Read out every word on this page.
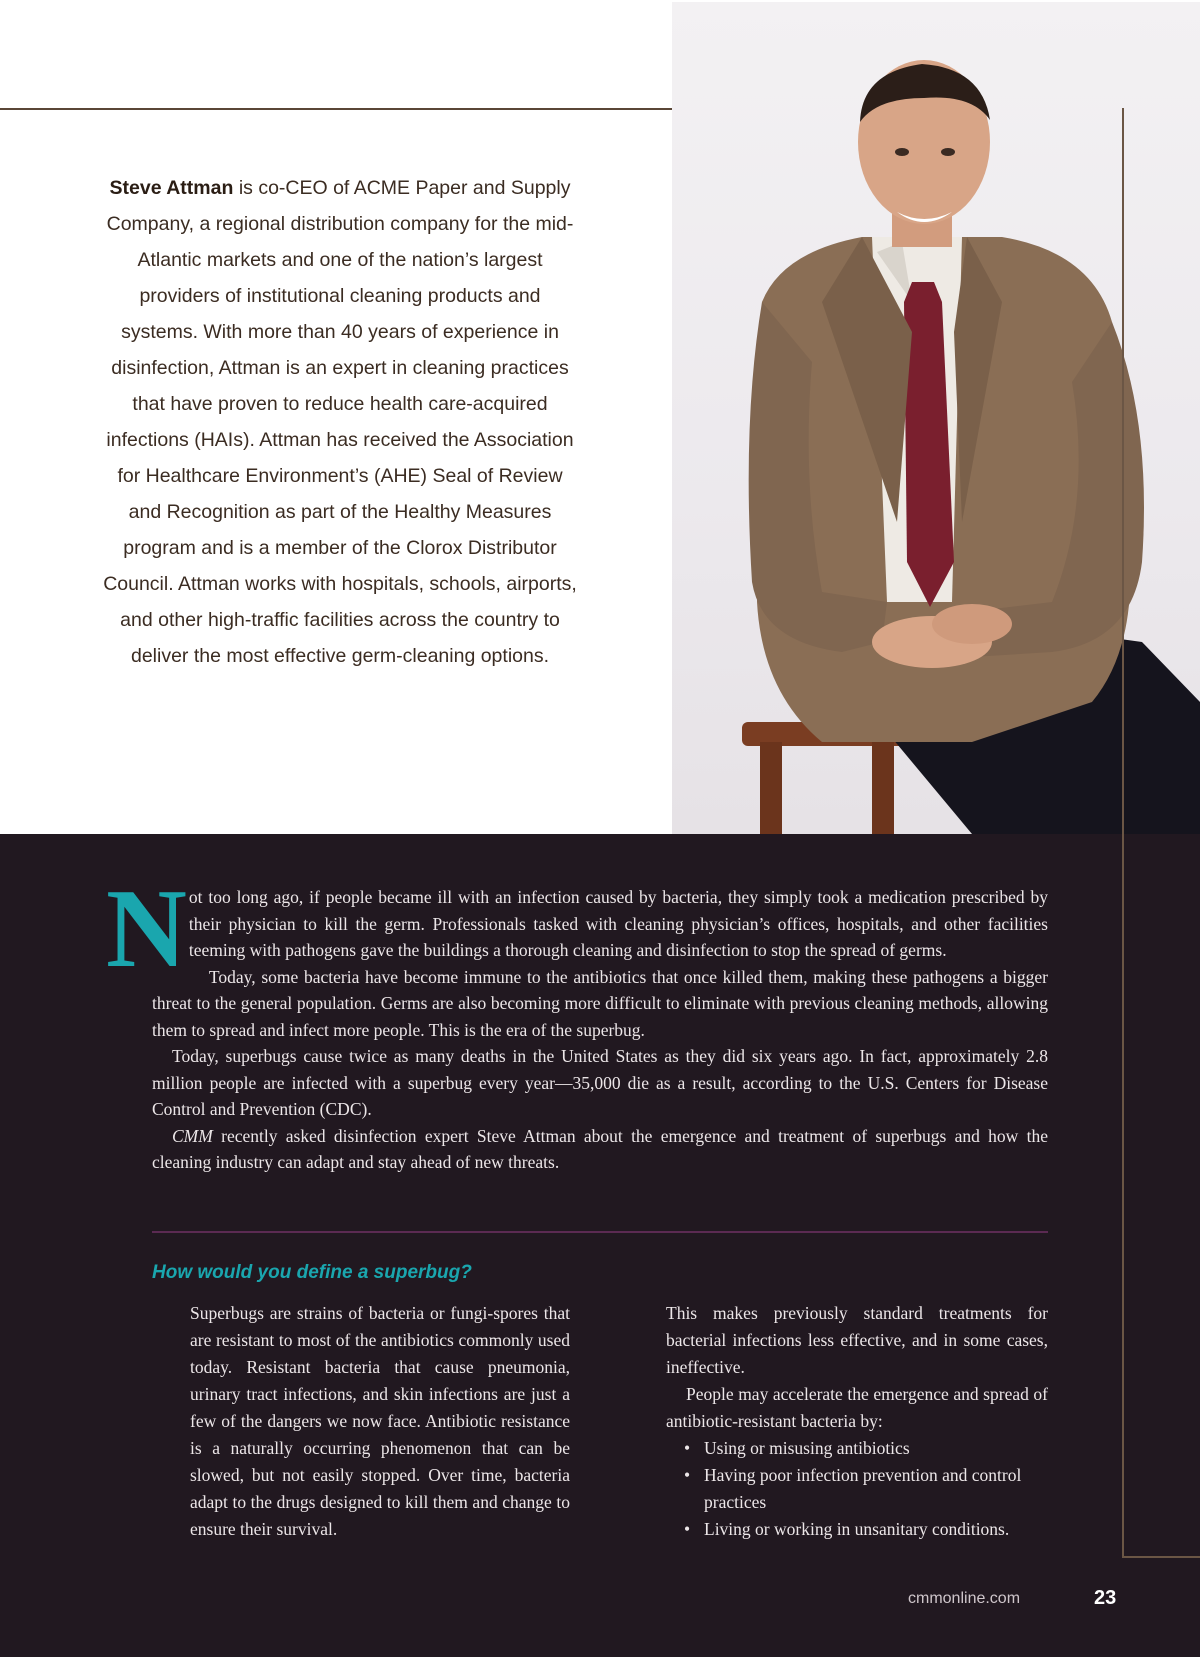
Steve Attman is co-CEO of ACME Paper and Supply Company, a regional distribution company for the mid-Atlantic markets and one of the nation’s largest providers of institutional cleaning products and systems. With more than 40 years of experience in disinfection, Attman is an expert in cleaning practices that have proven to reduce health care-acquired infections (HAIs). Attman has received the Association for Healthcare Environment’s (AHE) Seal of Review and Recognition as part of the Healthy Measures program and is a member of the Clorox Distributor Council. Attman works with hospitals, schools, airports, and other high-traffic facilities across the country to deliver the most effective germ-cleaning options.

Not too long ago, if people became ill with an infection caused by bacteria, they simply took a medication prescribed by their physician to kill the germ. Professionals tasked with cleaning physician’s offices, hospitals, and other facilities teeming with pathogens gave the buildings a thorough cleaning and disinfection to stop the spread of germs.

Today, some bacteria have become immune to the antibiotics that once killed them, making these pathogens a bigger threat to the general population. Germs are also becoming more difficult to eliminate with previous cleaning methods, allowing them to spread and infect more people. This is the era of the superbug.

Today, superbugs cause twice as many deaths in the United States as they did six years ago. In fact, approximately 2.8 million people are infected with a superbug every year—35,000 die as a result, according to the U.S. Centers for Disease Control and Prevention (CDC).

CMM recently asked disinfection expert Steve Attman about the emergence and treatment of superbugs and how the cleaning industry can adapt and stay ahead of new threats.

How would you define a superbug?

Superbugs are strains of bacteria or fungi-spores that are resistant to most of the antibiotics commonly used today. Resistant bacteria that cause pneumonia, urinary tract infections, and skin infections are just a few of the dangers we now face. Antibiotic resistance is a naturally occurring phenomenon that can be slowed, but not easily stopped. Over time, bacteria adapt to the drugs designed to kill them and change to ensure their survival.

This makes previously standard treatments for bacterial infections less effective, and in some cases, ineffective.

People may accelerate the emergence and spread of antibiotic-resistant bacteria by:

• Using or misusing antibiotics
• Having poor infection prevention and control practices
• Living or working in unsanitary conditions.
cmmonline.com	23
